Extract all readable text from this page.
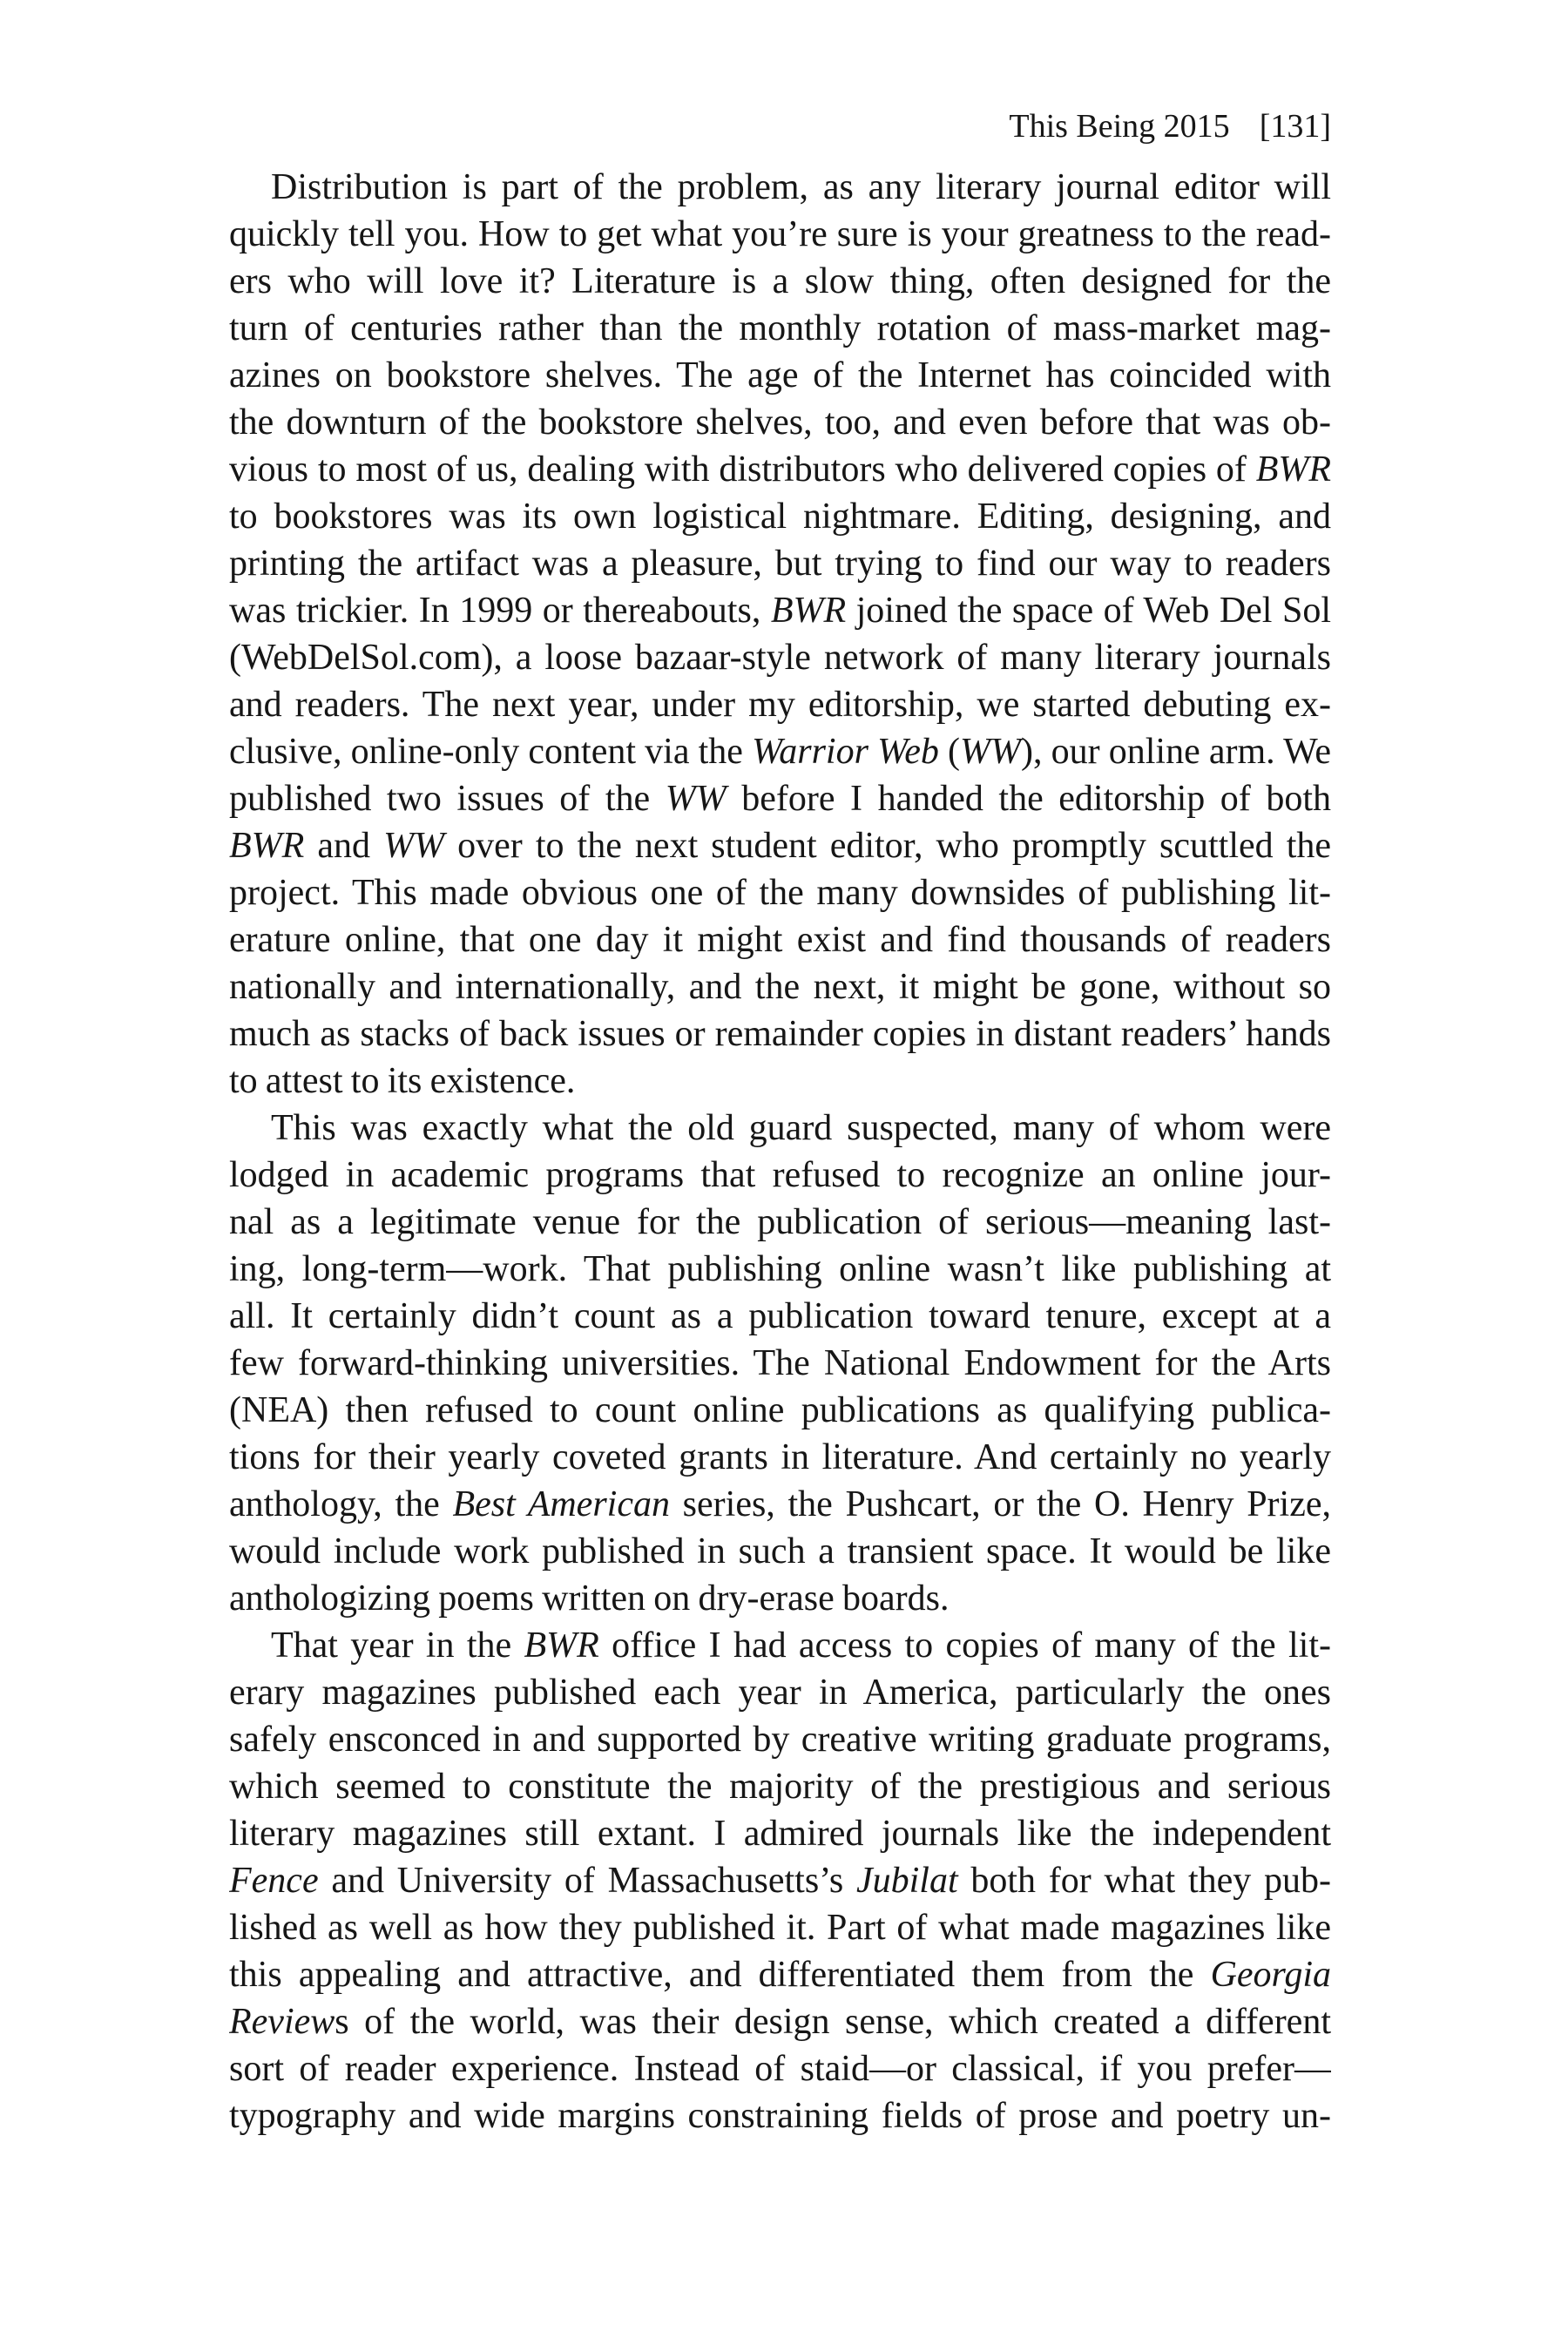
This Being 2015 [131]
Distribution is part of the problem, as any literary journal editor will
quickly tell you. How to get what you’re sure is your greatness to the read-
ers who will love it? Literature is a slow thing, often designed for the
turn of centuries rather than the monthly rotation of mass-market mag-
azines on bookstore shelves. The age of the Internet has coincided with
the downturn of the bookstore shelves, too, and even before that was ob-
vious to most of us, dealing with distributors who delivered copies of BWR
to bookstores was its own logistical nightmare. Editing, designing, and
printing the artifact was a pleasure, but trying to find our way to readers
was trickier. In 1999 or thereabouts, BWR joined the space of Web Del Sol
(WebDelSol.com), a loose bazaar-style network of many literary journals
and readers. The next year, under my editorship, we started debuting ex-
clusive, online-only content via the Warrior Web (WW), our online arm. We
published two issues of the WW before I handed the editorship of both
BWR and WW over to the next student editor, who promptly scuttled the
project. This made obvious one of the many downsides of publishing lit-
erature online, that one day it might exist and find thousands of readers
nationally and internationally, and the next, it might be gone, without so
much as stacks of back issues or remainder copies in distant readers’ hands
to attest to its existence.
This was exactly what the old guard suspected, many of whom were
lodged in academic programs that refused to recognize an online jour-
nal as a legitimate venue for the publication of serious—meaning last-
ing, long-term—work. That publishing online wasn’t like publishing at
all. It certainly didn’t count as a publication toward tenure, except at a
few forward-thinking universities. The National Endowment for the Arts
(NEA) then refused to count online publications as qualifying publica-
tions for their yearly coveted grants in literature. And certainly no yearly
anthology, the Best American series, the Pushcart, or the O. Henry Prize,
would include work published in such a transient space. It would be like
anthologizing poems written on dry-erase boards.
That year in the BWR office I had access to copies of many of the lit-
erary magazines published each year in America, particularly the ones
safely ensconced in and supported by creative writing graduate programs,
which seemed to constitute the majority of the prestigious and serious
literary magazines still extant. I admired journals like the independent
Fence and University of Massachusetts’s Jubilat both for what they pub-
lished as well as how they published it. Part of what made magazines like
this appealing and attractive, and differentiated them from the Georgia
Reviews of the world, was their design sense, which created a different
sort of reader experience. Instead of staid—or classical, if you prefer—
typography and wide margins constraining fields of prose and poetry un-
